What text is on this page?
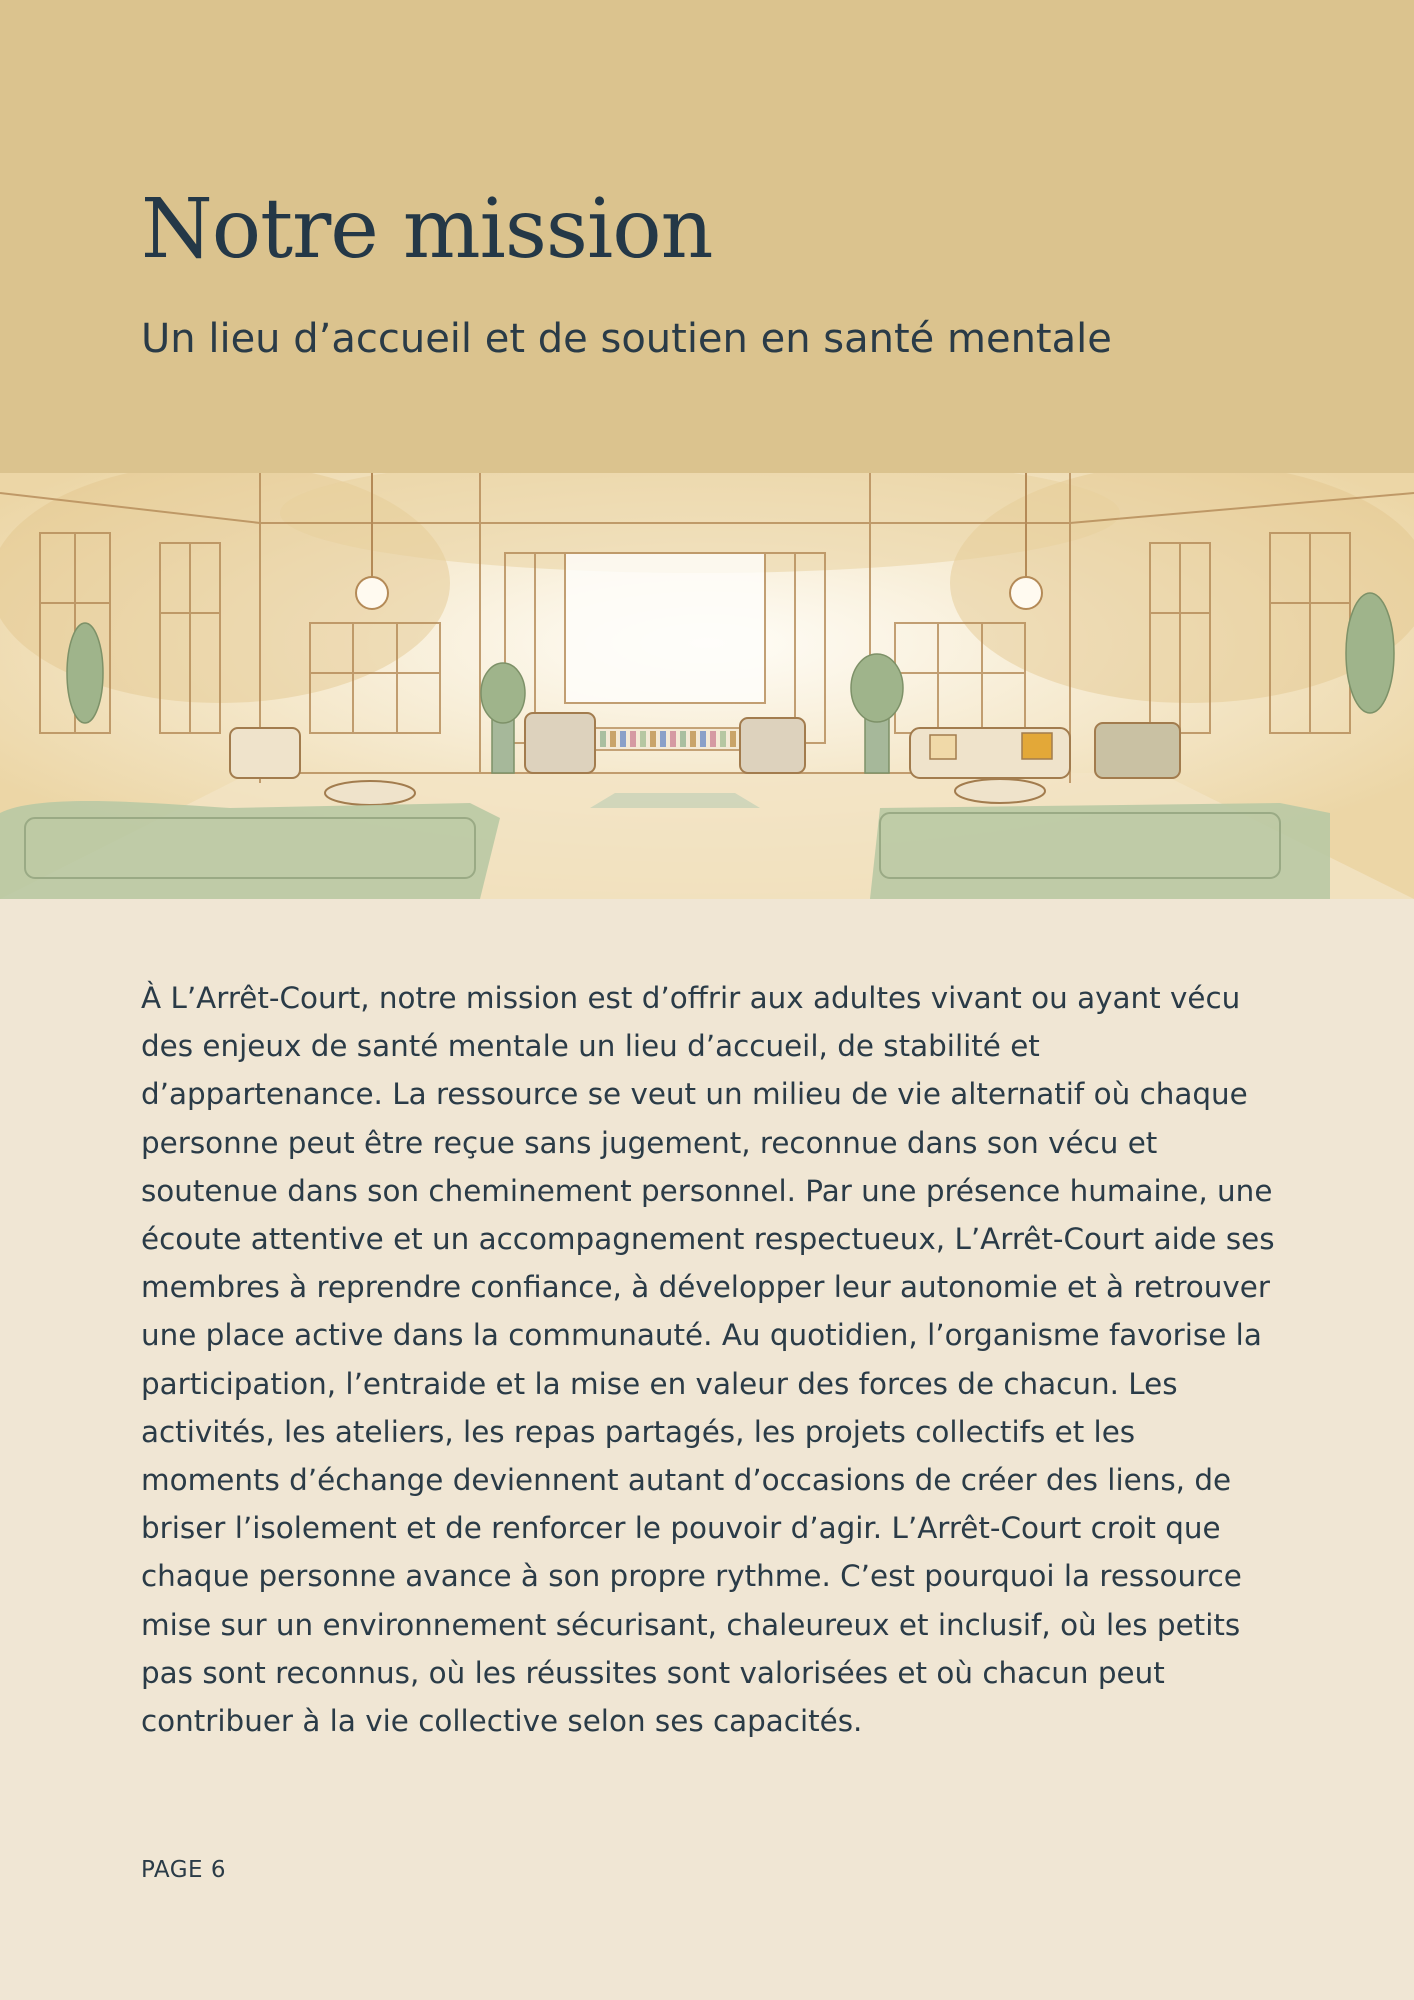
Notre mission
Un lieu d’accueil et de soutien en santé mentale

À L’Arrêt-Court, notre mission est d’offrir aux adultes vivant ou ayant vécu des enjeux de santé mentale un lieu d’accueil, de stabilité et d’appartenance. La ressource se veut un milieu de vie alternatif où chaque personne peut être reçue sans jugement, reconnue dans son vécu et soutenue dans son cheminement personnel. Par une présence humaine, une écoute attentive et un accompagnement respectueux, L’Arrêt-Court aide ses membres à reprendre confiance, à développer leur autonomie et à retrouver une place active dans la communauté. Au quotidien, l’organisme favorise la participation, l’entraide et la mise en valeur des forces de chacun. Les activités, les ateliers, les repas partagés, les projets collectifs et les moments d’échange deviennent autant d’occasions de créer des liens, de briser l’isolement et de renforcer le pouvoir d’agir. L’Arrêt-Court croit que chaque personne avance à son propre rythme. C’est pourquoi la ressource mise sur un environnement sécurisant, chaleureux et inclusif, où les petits pas sont reconnus, où les réussites sont valorisées et où chacun peut contribuer à la vie collective selon ses capacités.

PAGE 6
